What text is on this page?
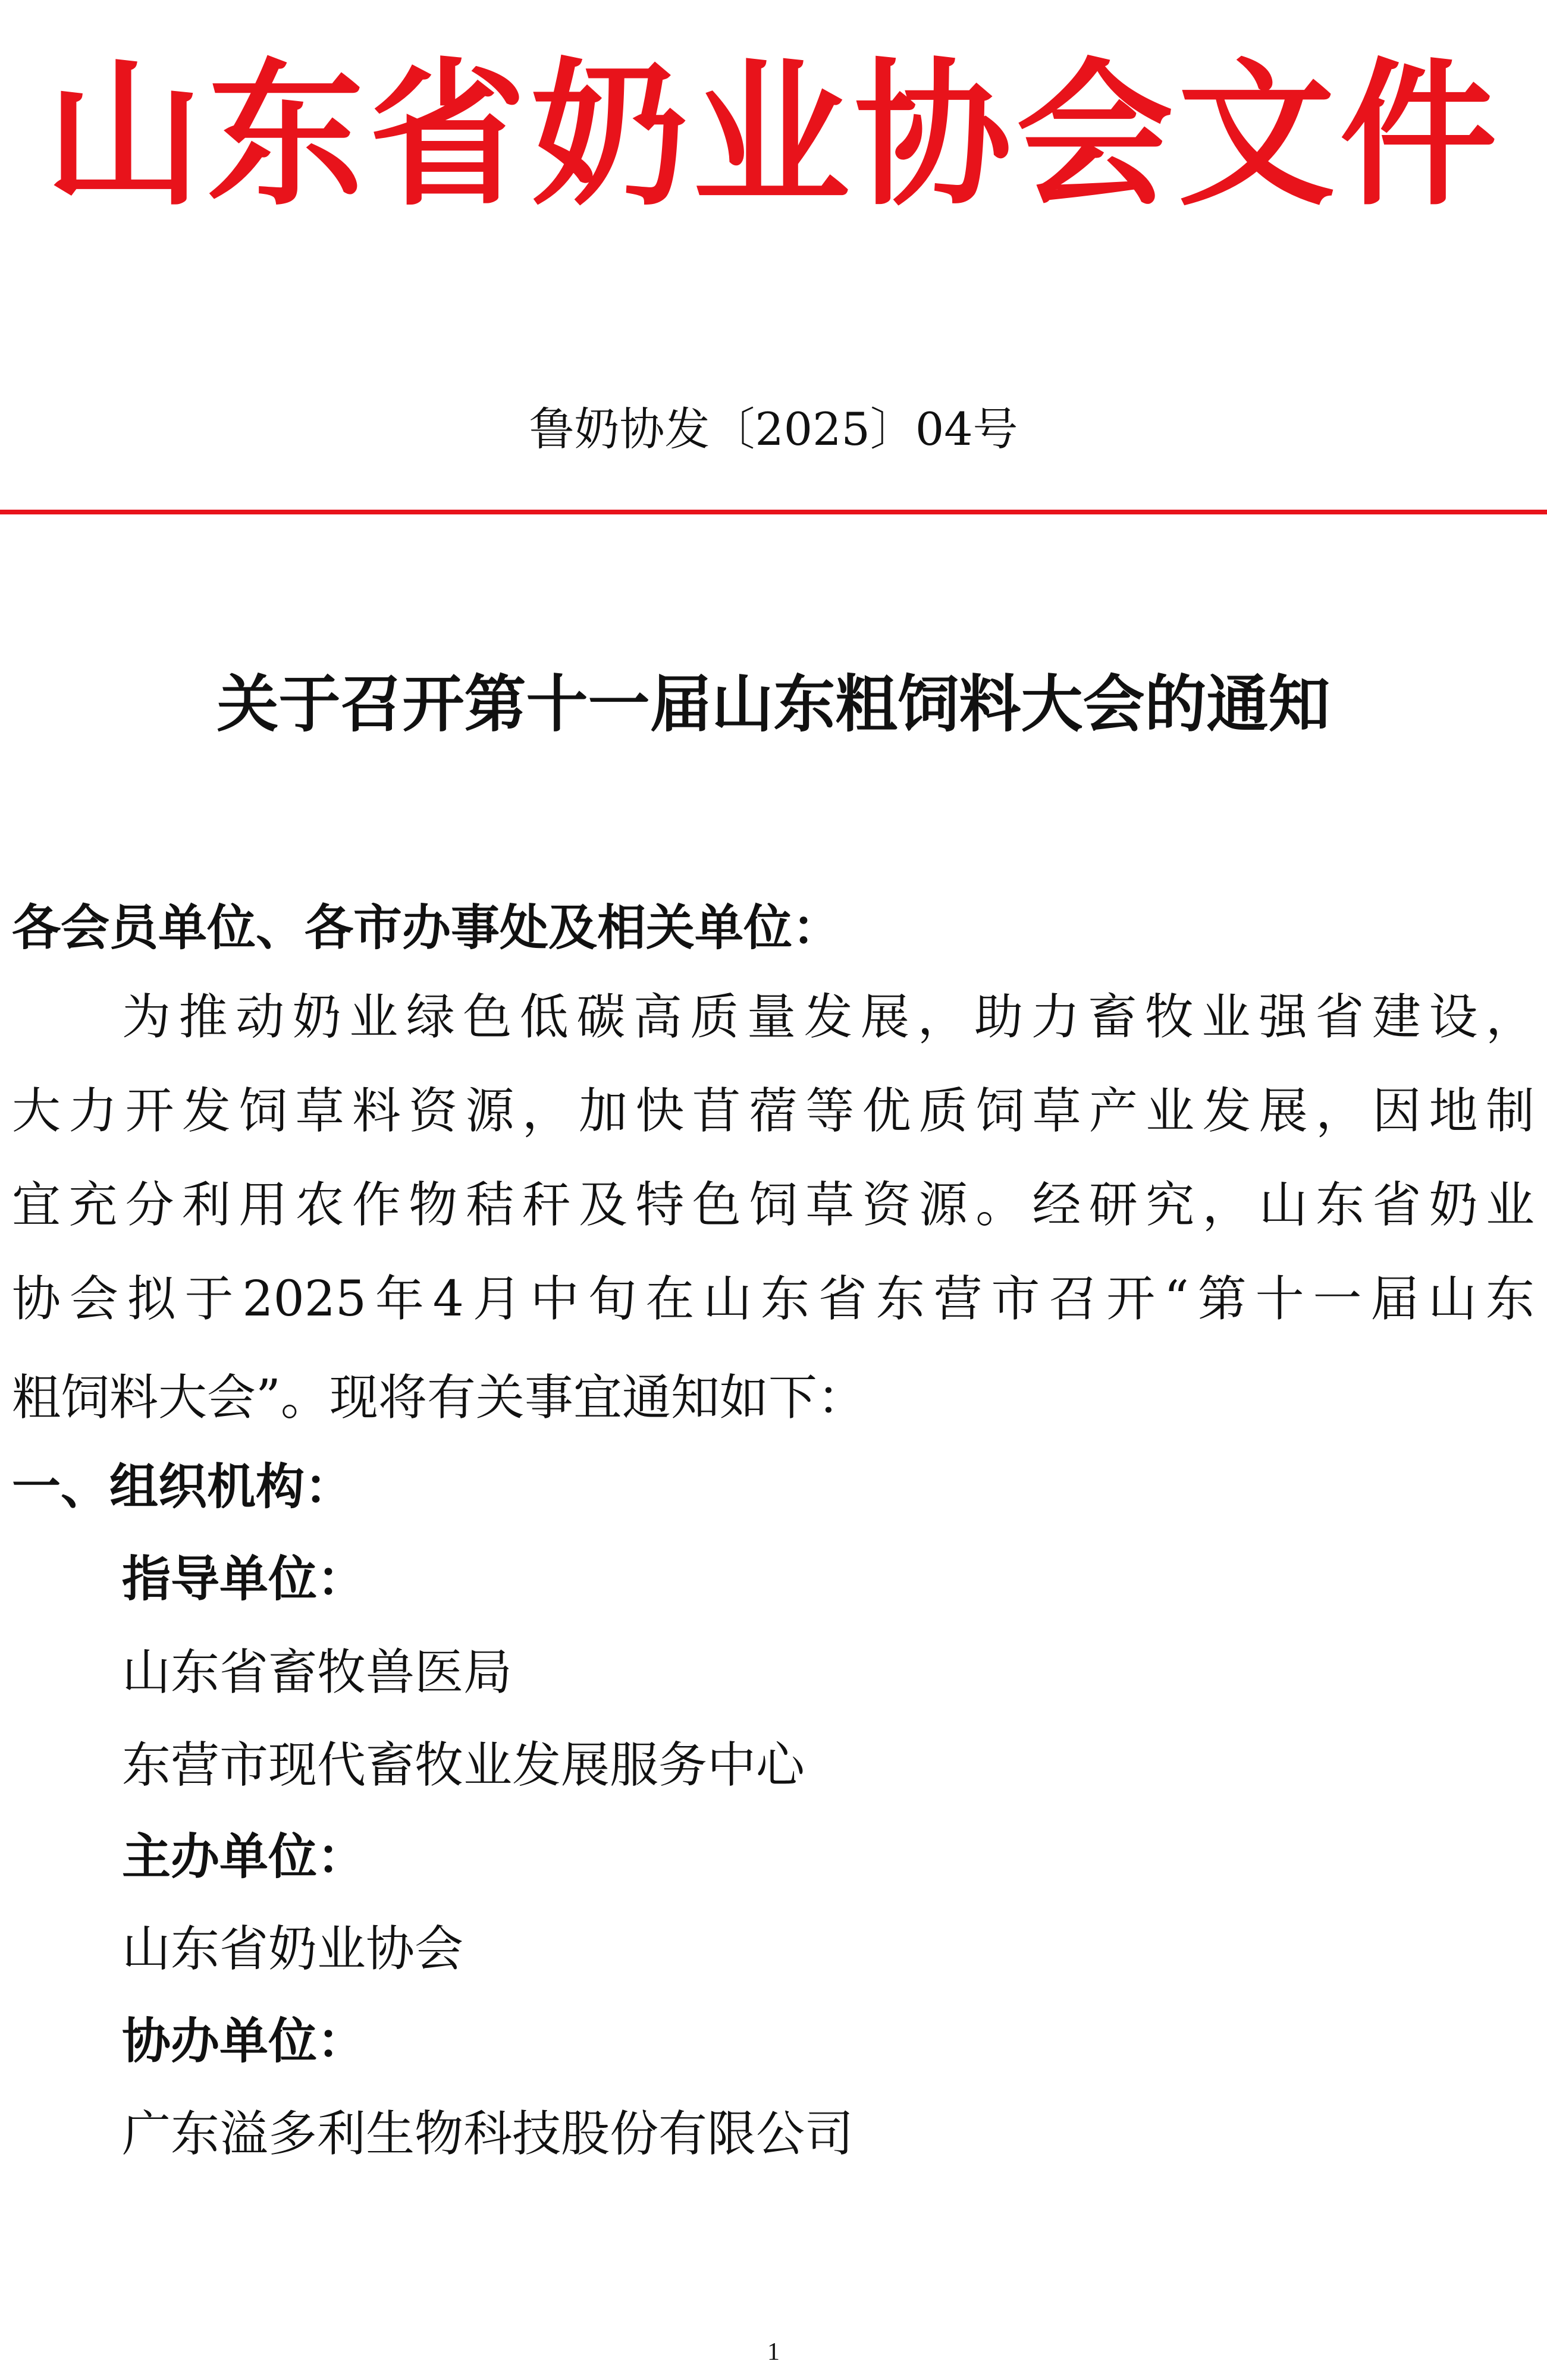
山东省奶业协会文件
鲁奶协发〔2025〕04号
关于召开第十一届山东粗饲料大会的通知
各会员单位、各市办事处及相关单位：
为推动奶业绿色低碳高质量发展，助力畜牧业强省建设，
大力开发饲草料资源，加快苜蓿等优质饲草产业发展，因地制
宜充分利用农作物秸秆及特色饲草资源。经研究，山东省奶业
协会拟于2025年4月中旬在山东省东营市召开“第十一届山东
粗饲料大会”。现将有关事宜通知如下：
一、组织机构：
指导单位：
山东省畜牧兽医局
东营市现代畜牧业发展服务中心
主办单位：
山东省奶业协会
协办单位：
广东溢多利生物科技股份有限公司
1
